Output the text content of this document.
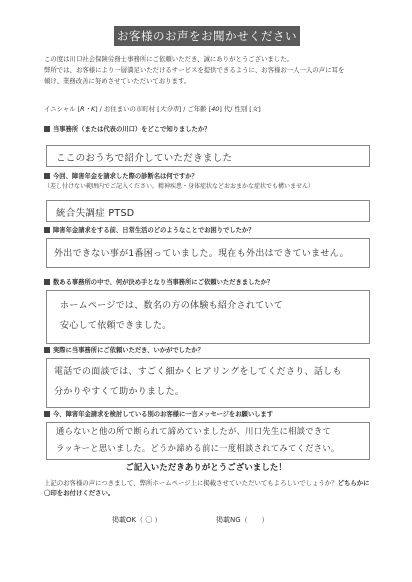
お客様のお声をお聞かせください
この度は川口社会保険労務士事務所にご依頼いただき、誠にありがとうございました。
弊所では、お客様により一層満足いただけるサービスを提供できるように、お客様お一人一人の声に耳を
傾け、業務改善に努めさせていただいております。
イニシャル [R・K] / お住まいの市町村 [大分市] / ご年齢 [40] 代/ 性別 [女]
当事務所（または代表の川口）をどこで知りましたか？
ここのおうちで紹介していただきました
今回、障害年金を請求した際の診断名は何ですか？
（差し付けない範囲内でご記入ください。精神疾患・身体症状などおおまかな症状でも構いません）
統合失調症 PTSD
障害年金請求をする前、日常生活のどのようなことでお困りでしたか？
外出できない事が1番困っていました。現在も外出はできていません。
数ある事務所の中で、何が決め手となり当事務所にご依頼いただきましたか？
ホームページでは、数名の方の体験も紹介されていて
安心して依頼できました。
実際に当事務所にご依頼いただき、いかがでしたか？
電話での面談では、すごく細かくヒアリングをしてくださり、話しも
分かりやすくて助かりました。
今、障害年金請求を検討している別のお客様に一言メッセージをお願いします
通らないと他の所で断られて諦めていましたが、川口先生に相談できて
ラッキーと思いました。どうか諦める前に一度相談されてみてください。
ご記入いただきありがとうございました！
上記のお客様の声につきまして、弊所ホームページ上に掲載させていただいてもよろしいでしょうか？どちらかに〇印をお付けください。
掲載OK（ 〇 ）	掲載NG（　　）
